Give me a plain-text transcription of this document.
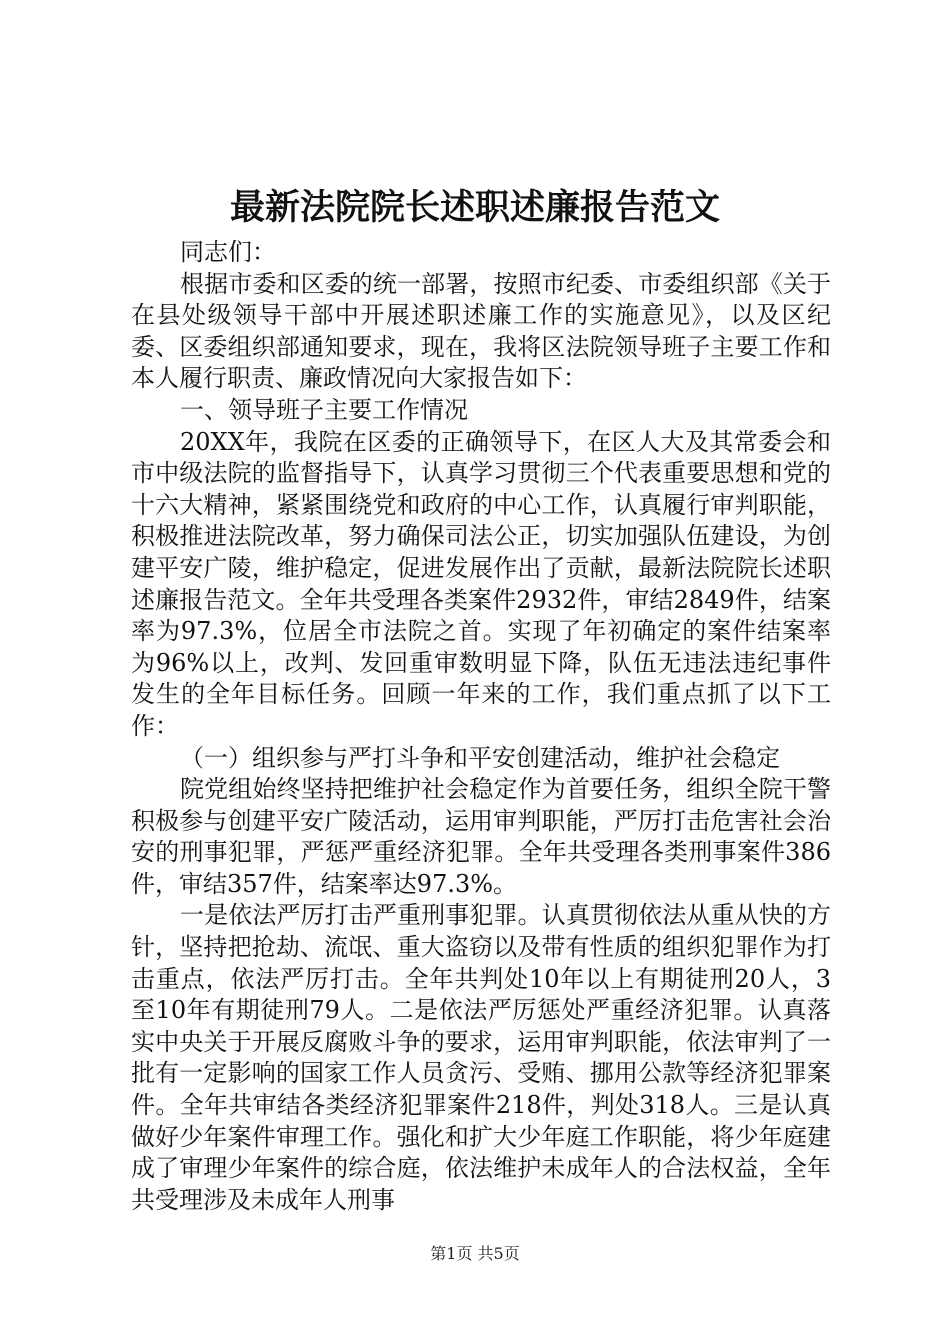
最新法院院长述职述廉报告范文

同志们：

根据市委和区委的统一部署，按照市纪委、市委组织部《关于在县处级领导干部中开展述职述廉工作的实施意见》，以及区纪委、区委组织部通知要求，现在，我将区法院领导班子主要工作和本人履行职责、廉政情况向大家报告如下：

一、领导班子主要工作情况

20XX年，我院在区委的正确领导下，在区人大及其常委会和市中级法院的监督指导下，认真学习贯彻三个代表重要思想和党的十六大精神，紧紧围绕党和政府的中心工作，认真履行审判职能，积极推进法院改革，努力确保司法公正，切实加强队伍建设，为创建平安广陵，维护稳定，促进发展作出了贡献，最新法院院长述职述廉报告范文。全年共受理各类案件2932件，审结2849件，结案率为97.3%，位居全市法院之首。实现了年初确定的案件结案率为96%以上，改判、发回重审数明显下降，队伍无违法违纪事件发生的全年目标任务。回顾一年来的工作，我们重点抓了以下工作：

（一）组织参与严打斗争和平安创建活动，维护社会稳定

院党组始终坚持把维护社会稳定作为首要任务，组织全院干警积极参与创建平安广陵活动，运用审判职能，严厉打击危害社会治安的刑事犯罪，严惩严重经济犯罪。全年共受理各类刑事案件386件，审结357件，结案率达97.3%。

一是依法严厉打击严重刑事犯罪。认真贯彻依法从重从快的方针，坚持把抢劫、流氓、重大盗窃以及带有性质的组织犯罪作为打击重点，依法严厉打击。全年共判处10年以上有期徒刑20人，3至10年有期徒刑79人。二是依法严厉惩处严重经济犯罪。认真落实中央关于开展反腐败斗争的要求，运用审判职能，依法审判了一批有一定影响的国家工作人员贪污、受贿、挪用公款等经济犯罪案件。全年共审结各类经济犯罪案件218件，判处318人。三是认真做好少年案件审理工作。强化和扩大少年庭工作职能，将少年庭建成了审理少年案件的综合庭，依法维护未成年人的合法权益，全年共受理涉及未成年人刑事

第1页 共5页
